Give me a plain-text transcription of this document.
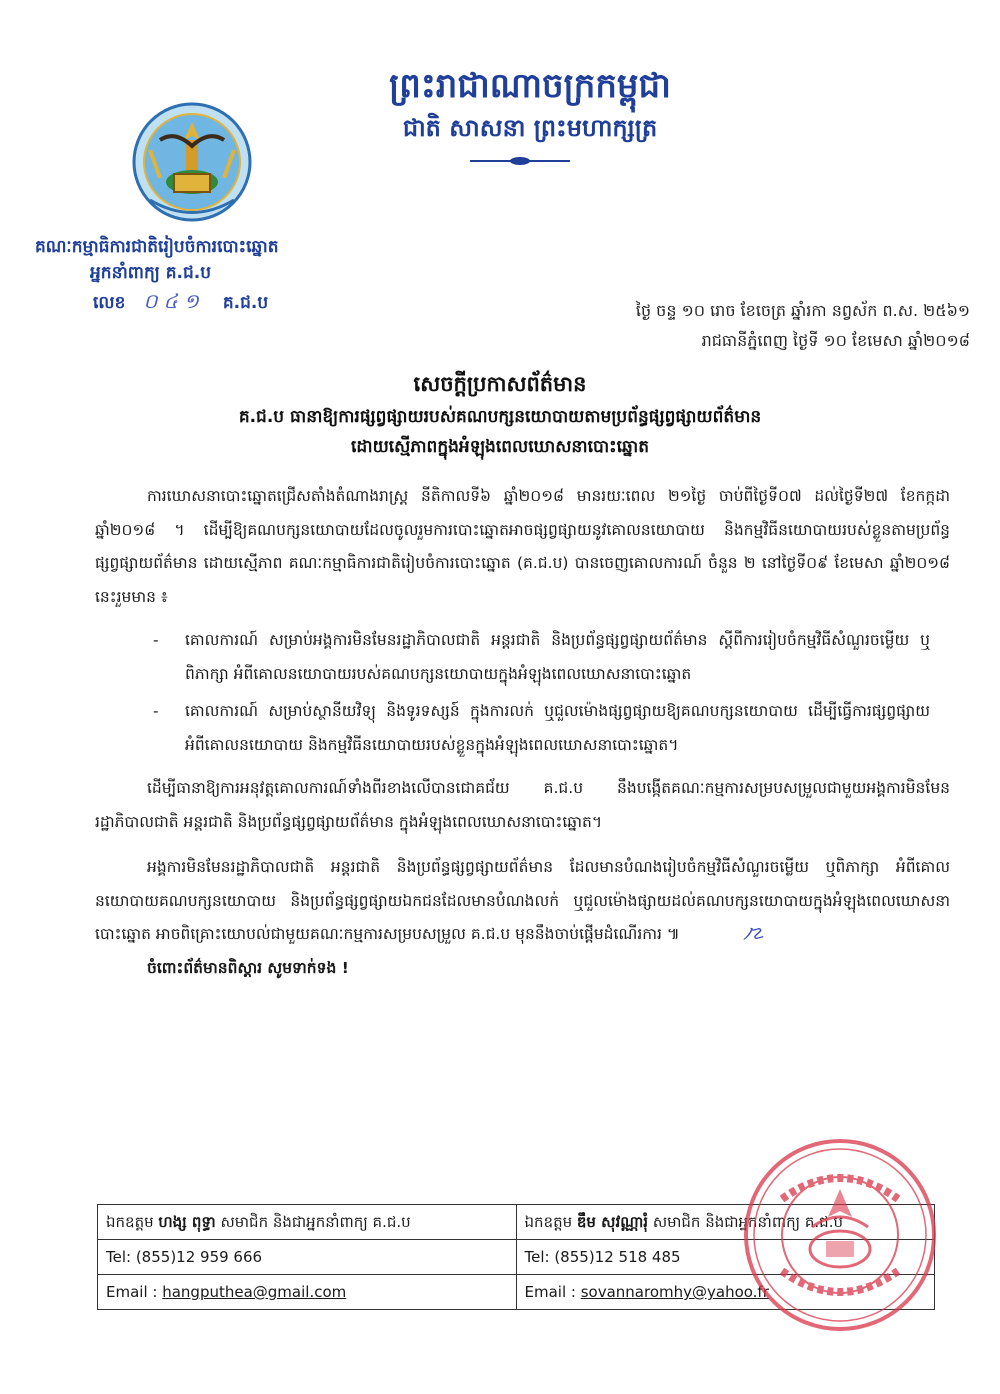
ព្រះរាជាណាចក្រកម្ពុជា
ជាតិ សាសនា ព្រះមហាក្សត្រ
គណៈកម្មាធិការជាតិរៀបចំការបោះឆ្នោត
អ្នកនាំពាក្យ គ.ជ.ប
លេខ ០៤១ គ.ជ.ប	ថ្ងៃ ចន្ទ ១០ រោច ខែចេត្រ ឆ្នាំរកា នព្វស័ក ព.ស. ២៥៦១
រាជធានីភ្នំពេញ ថ្ងៃទី ១០ ខែមេសា ឆ្នាំ២០១៨
សេចក្តីប្រកាសព័ត៌មាន
គ.ជ.ប ធានាឱ្យការផ្សព្វផ្សាយរបស់គណបក្សនយោបាយតាមប្រព័ន្ធផ្សព្វផ្សាយព័ត៌មាន
ដោយស្មើភាពក្នុងអំឡុងពេលឃោសនាបោះឆ្នោត

ការឃោសនាបោះឆ្នោតជ្រើសតាំងតំណាងរាស្ត្រ នីតិកាលទី៦ ឆ្នាំ២០១៨ មានរយៈពេល ២១ថ្ងៃ ចាប់ពីថ្ងៃទី០៧ ដល់ថ្ងៃទី២៧ ខែកក្កដា ឆ្នាំ២០១៨ ។ ដើម្បីឱ្យគណបក្សនយោបាយដែលចូលរួមការបោះឆ្នោតអាចផ្សព្វផ្សាយនូវគោលនយោបាយ និងកម្មវិធីនយោបាយរបស់ខ្លួនតាមប្រព័ន្ធផ្សព្វផ្សាយព័ត៌មាន ដោយស្មើភាព គណៈកម្មាធិការជាតិរៀបចំការបោះឆ្នោត (គ.ជ.ប) បានចេញគោលការណ៍ ចំនួន ២ នៅថ្ងៃទី០៩ ខែមេសា ឆ្នាំ២០១៨ នេះរួមមាន ៖

- គោលការណ៍ សម្រាប់អង្គការមិនមែនរដ្ឋាភិបាលជាតិ អន្តរជាតិ និងប្រព័ន្ធផ្សព្វផ្សាយព័ត៌មាន ស្តីពីការរៀបចំកម្មវិធីសំណួរចម្លើយ ឬពិភាក្សា អំពីគោលនយោបាយរបស់គណបក្សនយោបាយក្នុងអំឡុងពេលឃោសនាបោះឆ្នោត
- គោលការណ៍ សម្រាប់ស្ថានីយវិទ្យុ និងទូរទស្សន៍ ក្នុងការលក់ ឬជួលម៉ោងផ្សព្វផ្សាយឱ្យគណបក្សនយោបាយ ដើម្បីធ្វើការផ្សព្វផ្សាយអំពីគោលនយោបាយ និងកម្មវិធីនយោបាយរបស់ខ្លួនក្នុងអំឡុងពេលឃោសនាបោះឆ្នោត។

ដើម្បីធានាឱ្យការអនុវត្តគោលការណ៍ទាំងពីរខាងលើបានជោគជ័យ គ.ជ.ប នឹងបង្កើតគណៈកម្មការសម្របសម្រួលជាមួយអង្គការមិនមែនរដ្ឋាភិបាលជាតិ អន្តរជាតិ និងប្រព័ន្ធផ្សព្វផ្សាយព័ត៌មាន ក្នុងអំឡុងពេលឃោសនាបោះឆ្នោត។

អង្គការមិនមែនរដ្ឋាភិបាលជាតិ អន្តរជាតិ និងប្រព័ន្ធផ្សព្វផ្សាយព័ត៌មាន ដែលមានបំណងរៀបចំកម្មវិធីសំណួរចម្លើយ ឬពិភាក្សា អំពីគោលនយោបាយគណបក្សនយោបាយ និងប្រព័ន្ធផ្សព្វផ្សាយឯកជនដែលមានបំណងលក់ ឬជួលម៉ោងផ្សាយដល់គណបក្សនយោបាយក្នុងអំឡុងពេលឃោសនាបោះឆ្នោត អាចពិគ្រោះយោបល់ជាមួយគណៈកម្មការសម្របសម្រួល គ.ជ.ប មុននឹងចាប់ផ្តើមដំណើរការ ៕	ﾉ☡

ចំពោះព័ត៌មានពិស្តារ សូមទាក់ទង !

ឯកឧត្តម ហង្ស ពុទ្ធា សមាជិក និងជាអ្នកនាំពាក្យ គ.ជ.ប
Tel: (855)12 959 666
Email : hangputhea@gmail.com
ឯកឧត្តម ឌឹម សុវណ្ណារុំ សមាជិក និងជាអ្នកនាំពាក្យ គ.ជ.ប
Tel: (855)12 518 485
Email : sovannaromhy@yahoo.fr
